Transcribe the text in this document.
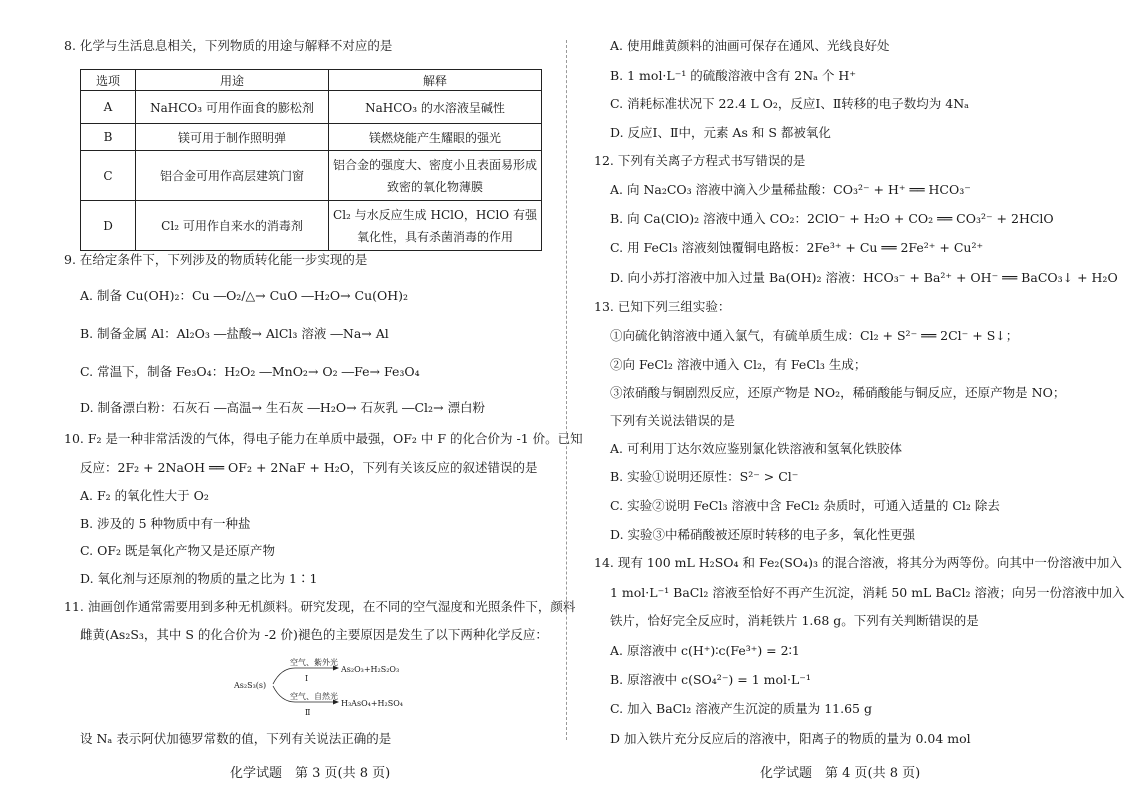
8. 化学与生活息息相关，下列物质的用途与解释不对应的是
选项	用途	解释
A	NaHCO₃ 可用作面食的膨松剂	NaHCO₃ 的水溶液呈碱性
B	镁可用于制作照明弹	镁燃烧能产生耀眼的强光
C	铝合金可用作高层建筑门窗	铝合金的强度大、密度小且表面易形成
致密的氧化物薄膜

D	Cl₂ 可用作自来水的消毒剂	Cl₂ 与水反应生成 HClO，HClO 有强
氧化性，具有杀菌消毒的作用
9. 在给定条件下，下列涉及的物质转化能一步实现的是
A. 制备 Cu(OH)₂：Cu ―O₂/△→ CuO ―H₂O→ Cu(OH)₂
B. 制备金属 Al：Al₂O₃ ―盐酸→ AlCl₃ 溶液 ―Na→ Al
C. 常温下，制备 Fe₃O₄：H₂O₂ ―MnO₂→ O₂ ―Fe→ Fe₃O₄
D. 制备漂白粉：石灰石 ―高温→ 生石灰 ―H₂O→ 石灰乳 ―Cl₂→ 漂白粉
10. F₂ 是一种非常活泼的气体，得电子能力在单质中最强，OF₂ 中 F 的化合价为 -1 价。已知
反应：2F₂ + 2NaOH ══ OF₂ + 2NaF + H₂O，下列有关该反应的叙述错误的是
A. F₂ 的氧化性大于 O₂
B. 涉及的 5 种物质中有一种盐
C. OF₂ 既是氧化产物又是还原产物
D. 氧化剂与还原剂的物质的量之比为 1∶1
11. 油画创作通常需要用到多种无机颜料。研究发现，在不同的空气湿度和光照条件下，颜料
雌黄(As₂S₃，其中 S 的化合价为 -2 价)褪色的主要原因是发生了以下两种化学反应：
As₂S₃(s)
空气、紫外光
Ⅰ
As₂O₃+H₂S₂O₃
空气、自然光
Ⅱ
H₃AsO₄+H₂SO₄
设 Nₐ 表示阿伏加德罗常数的值，下列有关说法正确的是
化学试题　第 3 页(共 8 页)
A. 使用雌黄颜料的油画可保存在通风、光线良好处
B. 1 mol·L⁻¹ 的硫酸溶液中含有 2Nₐ 个 H⁺
C. 消耗标准状况下 22.4 L O₂，反应Ⅰ、Ⅱ转移的电子数均为 4Nₐ
D. 反应Ⅰ、Ⅱ中，元素 As 和 S 都被氧化
12. 下列有关离子方程式书写错误的是
A. 向 Na₂CO₃ 溶液中滴入少量稀盐酸：CO₃²⁻ + H⁺ ══ HCO₃⁻
B. 向 Ca(ClO)₂ 溶液中通入 CO₂：2ClO⁻ + H₂O + CO₂ ══ CO₃²⁻ + 2HClO
C. 用 FeCl₃ 溶液刻蚀覆铜电路板：2Fe³⁺ + Cu ══ 2Fe²⁺ + Cu²⁺
D. 向小苏打溶液中加入过量 Ba(OH)₂ 溶液：HCO₃⁻ + Ba²⁺ + OH⁻ ══ BaCO₃↓ + H₂O
13. 已知下列三组实验：
①向硫化钠溶液中通入氯气，有硫单质生成：Cl₂ + S²⁻ ══ 2Cl⁻ + S↓；
②向 FeCl₂ 溶液中通入 Cl₂，有 FeCl₃ 生成；
③浓硝酸与铜剧烈反应，还原产物是 NO₂，稀硝酸能与铜反应，还原产物是 NO；
下列有关说法错误的是
A. 可利用丁达尔效应鉴别氯化铁溶液和氢氧化铁胶体
B. 实验①说明还原性：S²⁻ > Cl⁻
C. 实验②说明 FeCl₃ 溶液中含 FeCl₂ 杂质时，可通入适量的 Cl₂ 除去
D. 实验③中稀硝酸被还原时转移的电子多，氧化性更强
14. 现有 100 mL H₂SO₄ 和 Fe₂(SO₄)₃ 的混合溶液，将其分为两等份。向其中一份溶液中加入
1 mol·L⁻¹ BaCl₂ 溶液至恰好不再产生沉淀，消耗 50 mL BaCl₂ 溶液；向另一份溶液中加入
铁片，恰好完全反应时，消耗铁片 1.68 g。下列有关判断错误的是
A. 原溶液中 c(H⁺)∶c(Fe³⁺) = 2∶1
B. 原溶液中 c(SO₄²⁻) = 1 mol·L⁻¹
C. 加入 BaCl₂ 溶液产生沉淀的质量为 11.65 g
D 加入铁片充分反应后的溶液中，阳离子的物质的量为 0.04 mol
化学试题　第 4 页(共 8 页)
